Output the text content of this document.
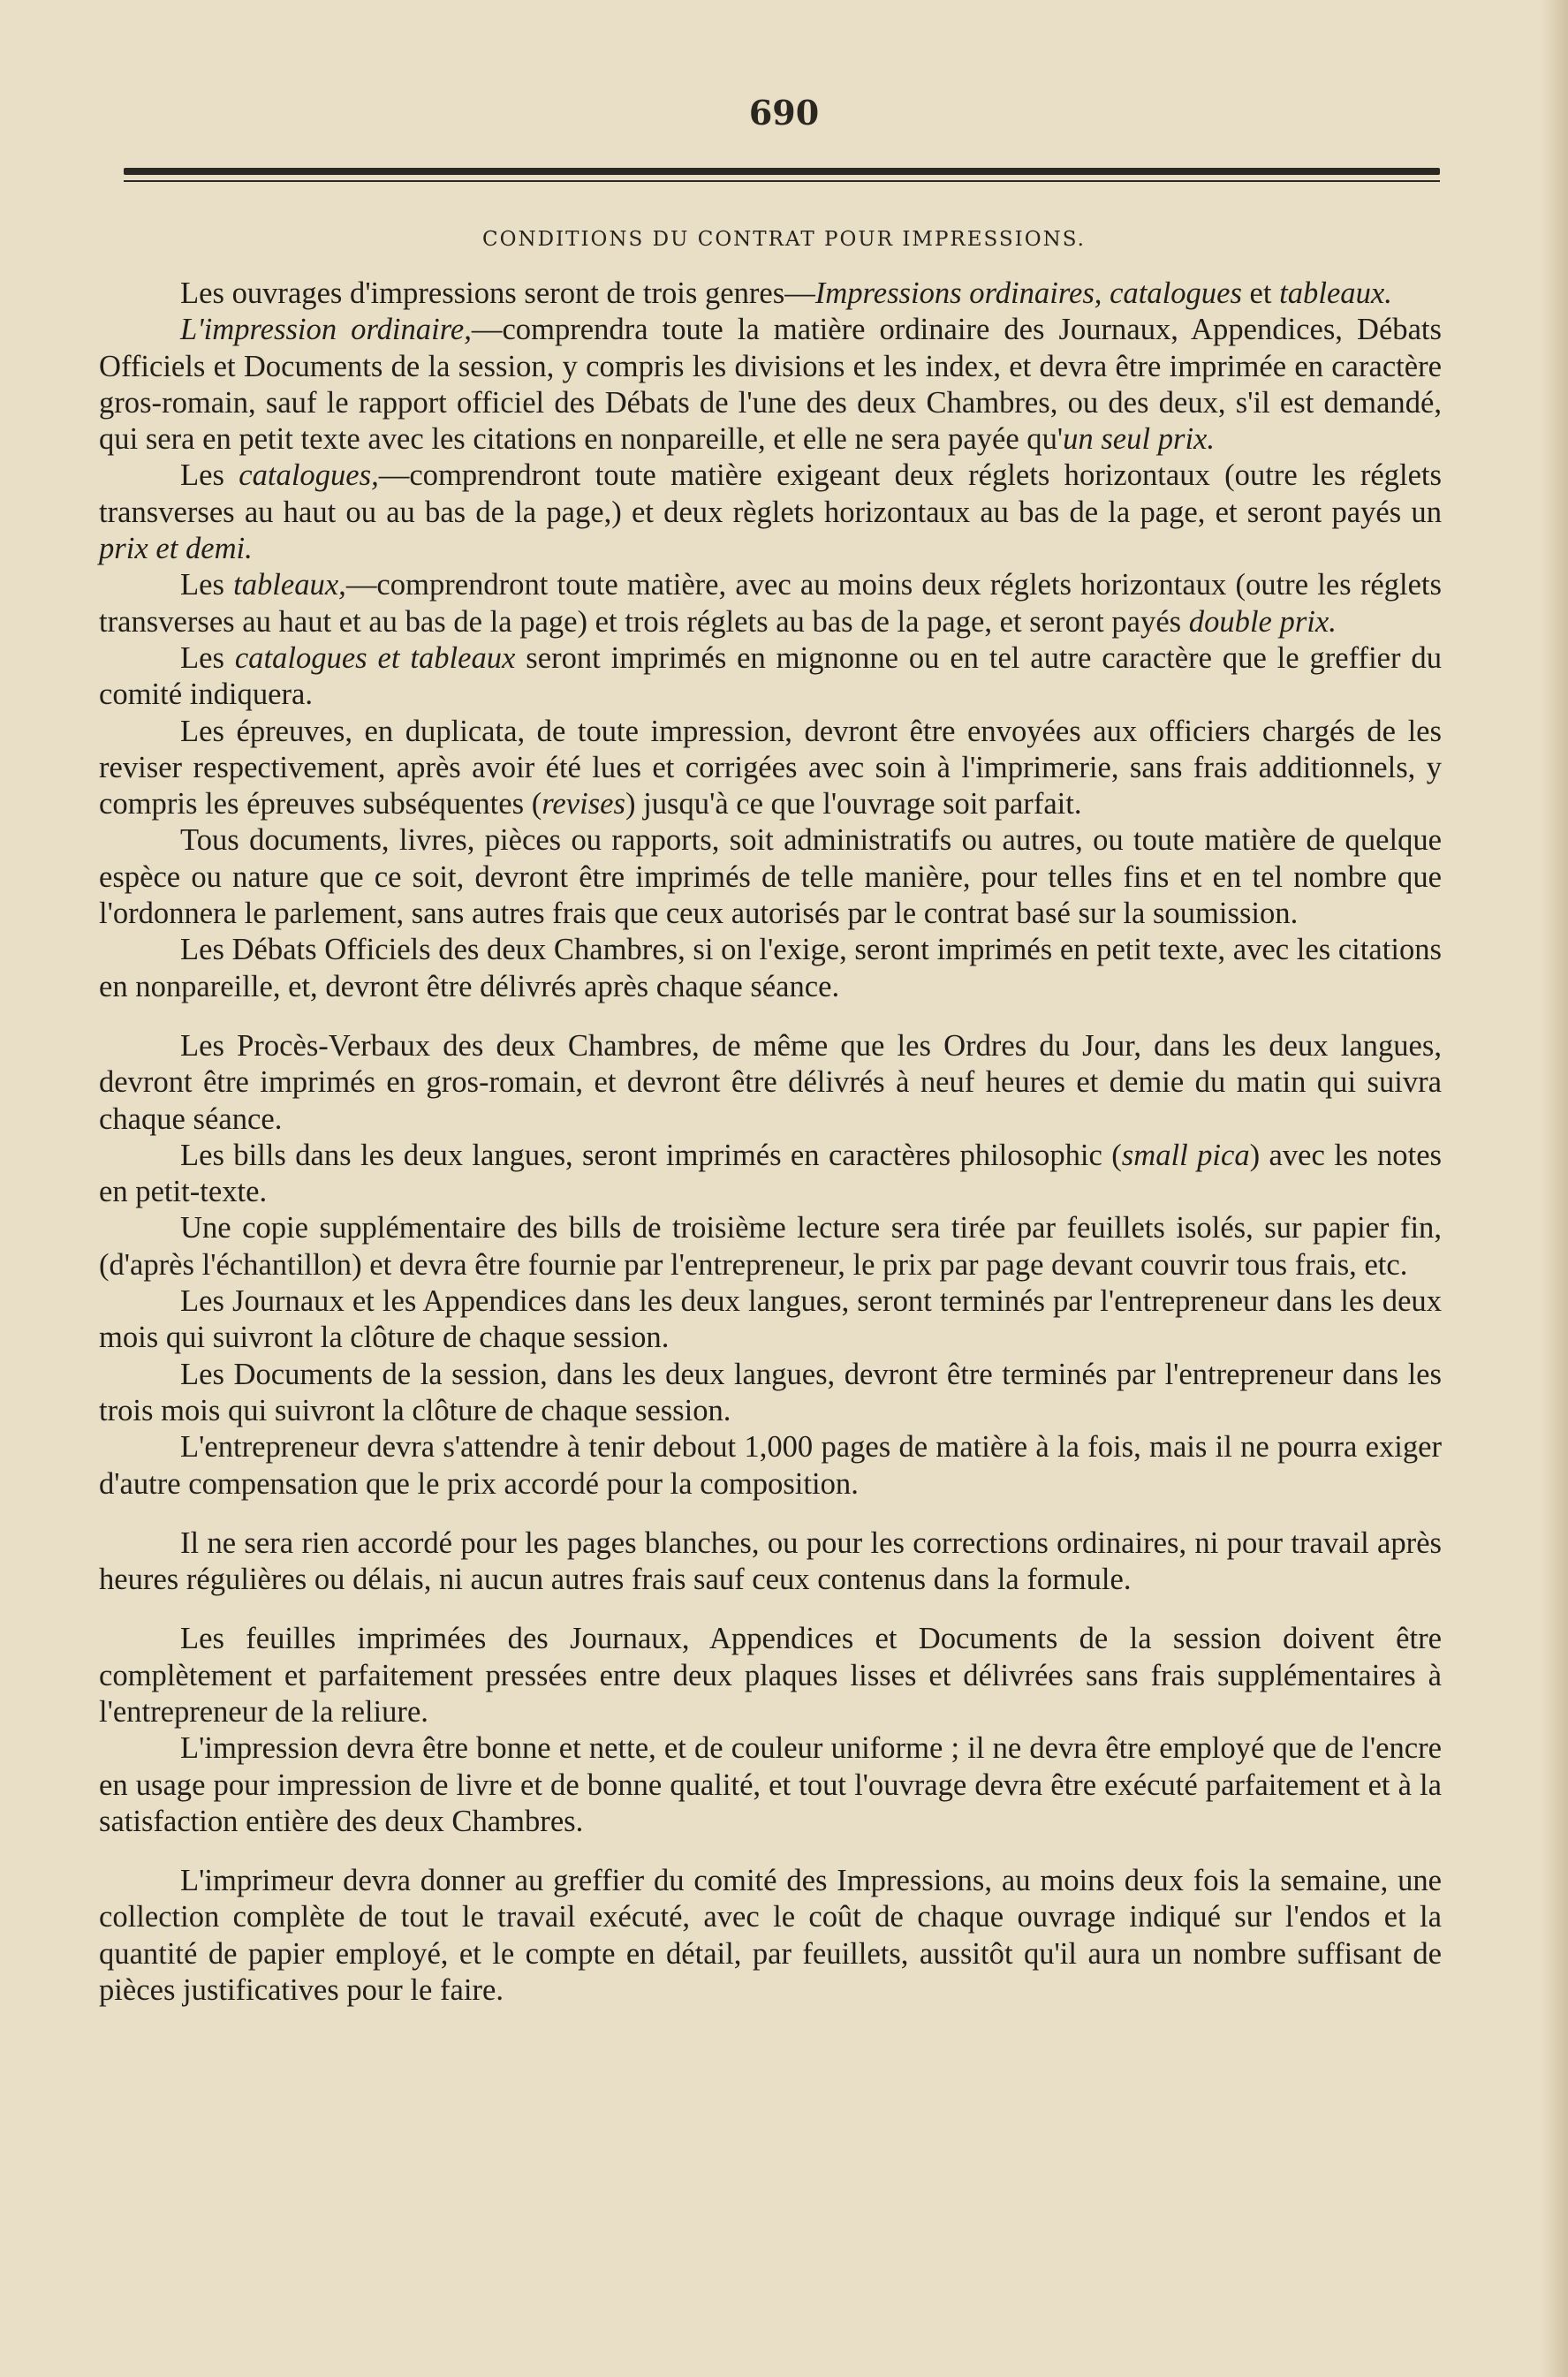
690
CONDITIONS DU CONTRAT POUR IMPRESSIONS.

Les ouvrages d'impressions seront de trois genres—Impressions ordinaires, catalogues et tableaux.

L'impression ordinaire,—comprendra toute la matière ordinaire des Journaux, Appendices, Débats Officiels et Documents de la session, y compris les divisions et les index, et devra être imprimée en caractère gros-romain, sauf le rapport officiel des Débats de l'une des deux Chambres, ou des deux, s'il est demandé, qui sera en petit texte avec les citations en nonpareille, et elle ne sera payée qu'un seul prix.

Les catalogues,—comprendront toute matière exigeant deux réglets horizontaux (outre les réglets transverses au haut ou au bas de la page,) et deux règlets horizontaux au bas de la page, et seront payés un prix et demi.

Les tableaux,—comprendront toute matière, avec au moins deux réglets horizontaux (outre les réglets transverses au haut et au bas de la page) et trois réglets au bas de la page, et seront payés double prix.

Les catalogues et tableaux seront imprimés en mignonne ou en tel autre caractère que le greffier du comité indiquera.

Les épreuves, en duplicata, de toute impression, devront être envoyées aux officiers chargés de les reviser respectivement, après avoir été lues et corrigées avec soin à l'imprimerie, sans frais additionnels, y compris les épreuves subséquentes (revises) jusqu'à ce que l'ouvrage soit parfait.

Tous documents, livres, pièces ou rapports, soit administratifs ou autres, ou toute matière de quelque espèce ou nature que ce soit, devront être imprimés de telle manière, pour telles fins et en tel nombre que l'ordonnera le parlement, sans autres frais que ceux autorisés par le contrat basé sur la soumission.

Les Débats Officiels des deux Chambres, si on l'exige, seront imprimés en petit texte, avec les citations en nonpareille, et, devront être délivrés après chaque séance.

Les Procès-Verbaux des deux Chambres, de même que les Ordres du Jour, dans les deux langues, devront être imprimés en gros-romain, et devront être délivrés à neuf heures et demie du matin qui suivra chaque séance.

Les bills dans les deux langues, seront imprimés en caractères philosophic (small pica) avec les notes en petit-texte.

Une copie supplémentaire des bills de troisième lecture sera tirée par feuillets isolés, sur papier fin, (d'après l'échantillon) et devra être fournie par l'entrepreneur, le prix par page devant couvrir tous frais, etc.

Les Journaux et les Appendices dans les deux langues, seront terminés par l'entrepreneur dans les deux mois qui suivront la clôture de chaque session.

Les Documents de la session, dans les deux langues, devront être terminés par l'entrepreneur dans les trois mois qui suivront la clôture de chaque session.

L'entrepreneur devra s'attendre à tenir debout 1,000 pages de matière à la fois, mais il ne pourra exiger d'autre compensation que le prix accordé pour la composition.

Il ne sera rien accordé pour les pages blanches, ou pour les corrections ordinaires, ni pour travail après heures régulières ou délais, ni aucun autres frais sauf ceux contenus dans la formule.

Les feuilles imprimées des Journaux, Appendices et Documents de la session doivent être complètement et parfaitement pressées entre deux plaques lisses et délivrées sans frais supplémentaires à l'entrepreneur de la reliure.

L'impression devra être bonne et nette, et de couleur uniforme ; il ne devra être employé que de l'encre en usage pour impression de livre et de bonne qualité, et tout l'ouvrage devra être exécuté parfaitement et à la satisfaction entière des deux Chambres.

L'imprimeur devra donner au greffier du comité des Impressions, au moins deux fois la semaine, une collection complète de tout le travail exécuté, avec le coût de chaque ouvrage indiqué sur l'endos et la quantité de papier employé, et le compte en détail, par feuillets, aussitôt qu'il aura un nombre suffisant de pièces justificatives pour le faire.
